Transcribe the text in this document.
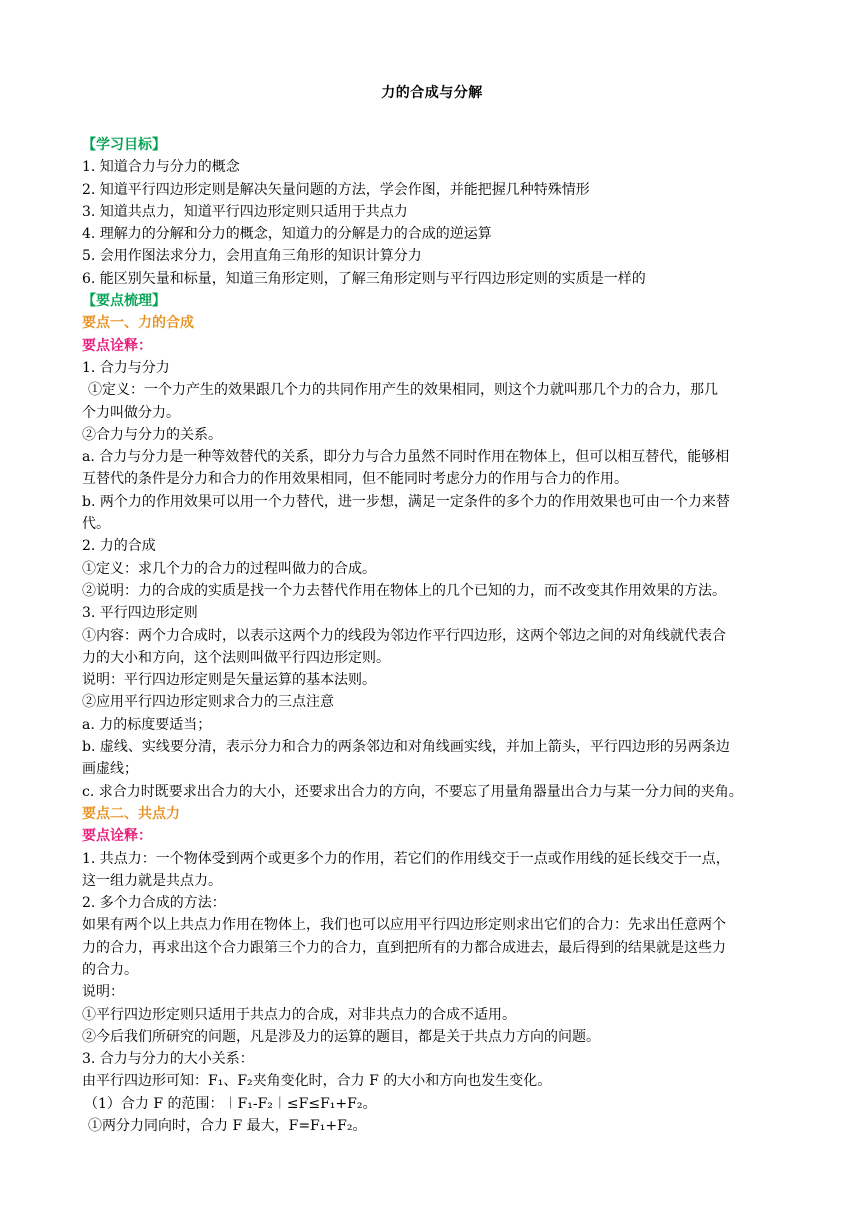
力的合成与分解
【学习目标】
1. 知道合力与分力的概念
2. 知道平行四边形定则是解决矢量问题的方法，学会作图，并能把握几种特殊情形
3. 知道共点力，知道平行四边形定则只适用于共点力
4. 理解力的分解和分力的概念，知道力的分解是力的合成的逆运算
5. 会用作图法求分力，会用直角三角形的知识计算分力
6. 能区别矢量和标量，知道三角形定则，了解三角形定则与平行四边形定则的实质是一样的
【要点梳理】
要点一、力的合成
要点诠释：
1. 合力与分力
①定义：一个力产生的效果跟几个力的共同作用产生的效果相同，则这个力就叫那几个力的合力，那几
个力叫做分力。
②合力与分力的关系。
a. 合力与分力是一种等效替代的关系，即分力与合力虽然不同时作用在物体上，但可以相互替代，能够相
互替代的条件是分力和合力的作用效果相同，但不能同时考虑分力的作用与合力的作用。
b. 两个力的作用效果可以用一个力替代，进一步想，满足一定条件的多个力的作用效果也可由一个力来替
代。
2. 力的合成
①定义：求几个力的合力的过程叫做力的合成。
②说明：力的合成的实质是找一个力去替代作用在物体上的几个已知的力，而不改变其作用效果的方法。
3. 平行四边形定则
①内容：两个力合成时，以表示这两个力的线段为邻边作平行四边形，这两个邻边之间的对角线就代表合
力的大小和方向，这个法则叫做平行四边形定则。
说明：平行四边形定则是矢量运算的基本法则。
②应用平行四边形定则求合力的三点注意
a. 力的标度要适当；
b. 虚线、实线要分清，表示分力和合力的两条邻边和对角线画实线，并加上箭头，平行四边形的另两条边
画虚线；
c. 求合力时既要求出合力的大小，还要求出合力的方向，不要忘了用量角器量出合力与某一分力间的夹角。
要点二、共点力
要点诠释：
1. 共点力：一个物体受到两个或更多个力的作用，若它们的作用线交于一点或作用线的延长线交于一点，
这一组力就是共点力。
2. 多个力合成的方法：
如果有两个以上共点力作用在物体上，我们也可以应用平行四边形定则求出它们的合力：先求出任意两个
力的合力，再求出这个合力跟第三个力的合力，直到把所有的力都合成进去，最后得到的结果就是这些力
的合力。
说明：
①平行四边形定则只适用于共点力的合成，对非共点力的合成不适用。
②今后我们所研究的问题，凡是涉及力的运算的题目，都是关于共点力方向的问题。
3. 合力与分力的大小关系：
由平行四边形可知：F₁、F₂夹角变化时，合力 F 的大小和方向也发生变化。
（1）合力 F 的范围：︱F₁-F₂︱≤F≤F₁+F₂。
①两分力同向时，合力 F 最大，F=F₁+F₂。
